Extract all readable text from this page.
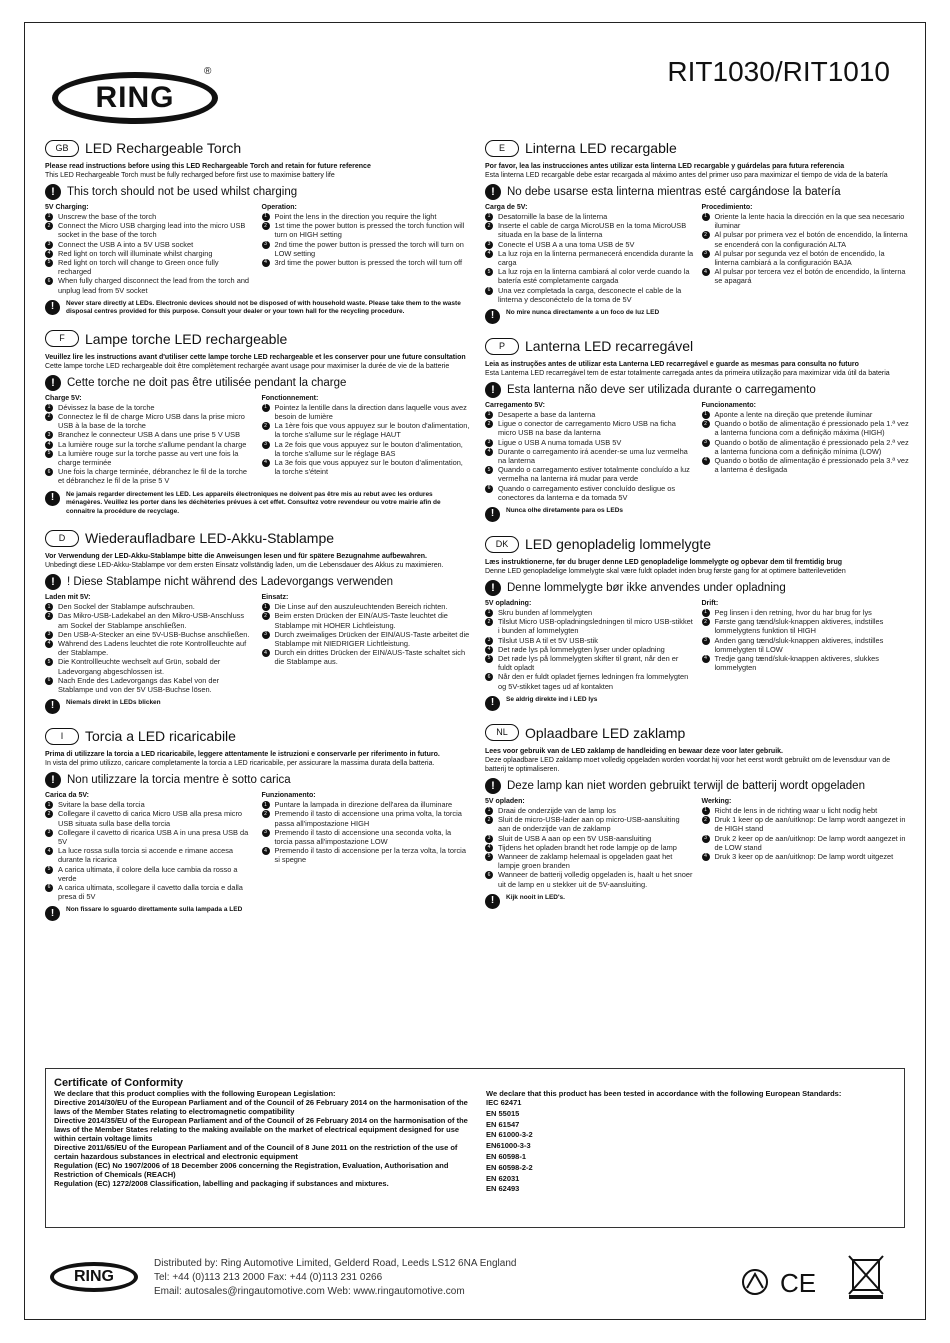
RING
®	RIT1030/RIT1010
GB	LED Rechargeable Torch
Please read instructions before using this LED Rechargeable Torch and retain for future reference
This LED Rechargeable Torch must be fully recharged before first use to maximise battery life
!	This torch should not be used whilst charging
5V Charging:
1	Unscrew the base of the torch
2	Connect the Micro USB charging lead into the micro USB socket in the base of the torch
3	Connect the USB A into a 5V USB socket
4	Red light on torch will illuminate whilst charging
5	Red light on torch will change to Green once fully recharged
6	When fully charged disconnect the lead from the torch and unplug lead from 5V socket
Operation:
1	Point the lens in the direction you require the light
2	1st time the power button is pressed the torch function will turn on HIGH setting
3	2nd time the power button is pressed the torch will turn on LOW setting
4	3rd time the power button is pressed the torch will turn off
!	Never stare directly at LEDs. Electronic devices should not be disposed of with household waste. Please take them to the waste disposal centres provided for this purpose. Consult your dealer or your town hall for the recycling procedure.
F	Lampe torche LED rechargeable
Veuillez lire les instructions avant d'utiliser cette lampe torche LED rechargeable et les conserver pour une future consultation
Cette lampe torche LED rechargeable doit être complètement rechargée avant usage pour maximiser la durée de vie de la batterie
!	Cette torche ne doit pas être utilisée pendant la charge
Charge 5V:
1	Dévissez la base de la torche
2	Connectez le fil de charge Micro USB dans la prise micro USB à la base de la torche
3	Branchez le connecteur USB A dans une prise 5 V USB
4	La lumière rouge sur la torche s'allume pendant la charge
5	La lumière rouge sur la torche passe au vert une fois la charge terminée
6	Une fois la charge terminée, débranchez le fil de la torche et débranchez le fil de la prise 5 V
Fonctionnement:
1	Pointez la lentille dans la direction dans laquelle vous avez besoin de lumière
2	La 1ère fois que vous appuyez sur le bouton d'alimentation, la torche s'allume sur le réglage HAUT
3	La 2e fois que vous appuyez sur le bouton d'alimentation, la torche s'allume sur le réglage BAS
4	La 3e fois que vous appuyez sur le bouton d'alimentation, la torche s'éteint
!	Ne jamais regarder directement les LED. Les appareils électroniques ne doivent pas être mis au rebut avec les ordures ménagères. Veuillez les porter dans les déchèteries prévues à cet effet. Consultez votre revendeur ou votre mairie afin de connaitre la procédure de recyclage.
D	Wiederaufladbare LED-Akku-Stablampe
Vor Verwendung der LED-Akku-Stablampe bitte die Anweisungen lesen und für spätere Bezugnahme aufbewahren.
Unbedingt diese LED-Akku-Stablampe vor dem ersten Einsatz vollständig laden, um die Lebensdauer des Akkus zu maximieren.
!	! Diese Stablampe nicht während des Ladevorgangs verwenden
Laden mit 5V:
1	Den Sockel der Stablampe aufschrauben.
2	Das Mikro-USB-Ladekabel an den Mikro-USB-Anschluss am Sockel der Stablampe anschließen.
3	Den USB-A-Stecker an eine 5V-USB-Buchse anschließen.
4	Während des Ladens leuchtet die rote Kontrollleuchte auf der Stablampe.
5	Die Kontrollleuchte wechselt auf Grün, sobald der Ladevorgang abgeschlossen ist.
6	Nach Ende des Ladevorgangs das Kabel von der Stablampe und von der 5V USB-Buchse lösen.
Einsatz:
1	Die Linse auf den auszuleuchtenden Bereich richten.
2	Beim ersten Drücken der EIN/AUS-Taste leuchtet die Stablampe mit HOHER Lichtleistung.
3	Durch zweimaliges Drücken der EIN/AUS-Taste arbeitet die Stablampe mit NIEDRIGER Lichtleistung.
4	Durch ein drittes Drücken der EIN/AUS-Taste schaltet sich die Stablampe aus.
!	Niemals direkt in LEDs blicken
I	Torcia a LED ricaricabile
Prima di utilizzare la torcia a LED ricaricabile, leggere attentamente le istruzioni e conservarle per riferimento in futuro.
In vista del primo utilizzo, caricare completamente la torcia a LED ricaricabile, per assicurare la massima durata della batteria.
!	Non utilizzare la torcia mentre è sotto carica
Carica da 5V:
1	Svitare la base della torcia
2	Collegare il cavetto di carica Micro USB alla presa micro USB situata sulla base della torcia
3	Collegare il cavetto di ricarica USB A in una presa USB da 5V
4	La luce rossa sulla torcia si accende e rimane accesa durante la ricarica
5	A carica ultimata, il colore della luce cambia da rosso a verde
6	A carica ultimata, scollegare il cavetto dalla torcia e dalla presa di 5V
Funzionamento:
1	Puntare la lampada in direzione dell'area da illuminare
2	Premendo il tasto di accensione una prima volta, la torcia passa all'impostazione HIGH
3	Premendo il tasto di accensione una seconda volta, la torcia passa all'impostazione LOW
4	Premendo il tasto di accensione per la terza volta, la torcia si spegne
!	Non fissare lo sguardo direttamente sulla lampada a LED
E	Linterna LED recargable
Por favor, lea las instrucciones antes utilizar esta linterna LED recargable y guárdelas para futura referencia
Esta linterna LED recargable debe estar recargada al máximo antes del primer uso para maximizar el tiempo de vida de la batería
!	No debe usarse esta linterna mientras esté cargándose la batería
Carga de 5V:
1	Desatornille la base de la linterna
2	Inserte el cable de carga MicroUSB en la toma MicroUSB situada en la base de la linterna
3	Conecte el USB A a una toma USB de 5V
4	La luz roja en la linterna permanecerá encendida durante la carga
5	La luz roja en la linterna cambiará al color verde cuando la batería esté completamente cargada
6	Una vez completada la carga, desconecte el cable de la linterna y desconéctelo de la toma de 5V
Procedimiento:
1	Oriente la lente hacia la dirección en la que sea necesario iluminar
2	Al pulsar por primera vez el botón de encendido, la linterna se encenderá con la configuración ALTA
3	Al pulsar por segunda vez el botón de encendido, la linterna cambiará a la configuración BAJA
4	Al pulsar por tercera vez el botón de encendido, la linterna se apagará
!	No mire nunca directamente a un foco de luz LED
P	Lanterna LED recarregável
Leia as instruções antes de utilizar esta Lanterna LED recarregável e guarde as mesmas para consulta no futuro
Esta Lanterna LED recarregável tem de estar totalmente carregada antes da primeira utilização para maximizar vida útil da bateria
!	Esta lanterna não deve ser utilizada durante o carregamento
Carregamento 5V:
1	Desaperte a base da lanterna
2	Ligue o conector de carregamento Micro USB na ficha micro USB na base da lanterna
3	Ligue o USB A numa tomada USB 5V
4	Durante o carregamento irá acender-se uma luz vermelha na lanterna
5	Quando o carregamento estiver totalmente concluído a luz vermelha na lanterna irá mudar para verde
6	Quando o carregamento estiver concluído desligue os conectores da lanterna e da tomada 5V
Funcionamento:
1	Aponte a lente na direção que pretende iluminar
2	Quando o botão de alimentação é pressionado pela 1.ª vez a lanterna funciona com a definição máxima (HIGH)
3	Quando o botão de alimentação é pressionado pela 2.ª vez a lanterna funciona com a definição mínima (LOW)
4	Quando o botão de alimentação é pressionado pela 3.ª vez a lanterna é desligada
!	Nunca olhe diretamente para os LEDs
DK	LED genopladelig lommelygte
Læs instruktionerne, før du bruger denne LED genopladelige lommelygte og opbevar dem til fremtidig brug
Denne LED genopladelige lommelygte skal være fuldt opladet inden brug første gang for at optimere batterilevetiden
!	Denne lommelygte bør ikke anvendes under opladning
5V opladning:
1	Skru bunden af lommelygten
2	Tilslut Micro USB-opladningsledningen til micro USB-stikket i bunden af lommelygten
3	Tilslut USB A til et 5V USB-stik
4	Det røde lys på lommelygten lyser under opladning
5	Det røde lys på lommelygten skifter til grønt, når den er fuldt opladt
6	Når den er fuldt opladet fjernes ledningen fra lommelygten og 5V-stikket tages ud af kontakten
Drift:
1	Peg linsen i den retning, hvor du har brug for lys
2	Første gang tænd/sluk-knappen aktiveres, indstilles lommelygtens funktion til HIGH
3	Anden gang tænd/sluk-knappen aktiveres, indstilles lommelygten til LOW
4	Tredje gang tænd/sluk-knappen aktiveres, slukkes lommelygten
!	Se aldrig direkte ind i LED lys
NL	Oplaadbare LED zaklamp
Lees voor gebruik van de LED zaklamp de handleiding en bewaar deze voor later gebruik.
Deze oplaadbare LED zaklamp moet volledig opgeladen worden voordat hij voor het eerst wordt gebruikt om de levensduur van de batterij te optimaliseren.
!	Deze lamp kan niet worden gebruikt terwijl de batterij wordt opgeladen
5V opladen:
1	Draai de onderzijde van de lamp los
2	Sluit de micro-USB-lader aan op micro-USB-aansluiting aan de onderzijde van de zaklamp
3	Sluit de USB A aan op een 5V USB-aansluiting
4	Tijdens het opladen brandt het rode lampje op de lamp
5	Wanneer de zaklamp helemaal is opgeladen gaat het lampje groen branden
6	Wanneer de batterij volledig opgeladen is, haalt u het snoer uit de lamp en u stekker uit de 5V-aansluiting.
Werking:
1	Richt de lens in de richting waar u licht nodig hebt
2	Druk 1 keer op de aan/uitknop: De lamp wordt aangezet in de HIGH stand
3	Druk 2 keer op de aan/uitknop: De lamp wordt aangezet in de LOW stand
4	Druk 3 keer op de aan/uitknop: De lamp wordt uitgezet
!	Kijk nooit in LED's.
Certificate of Conformity
We declare that this product complies with the following European Legislation:
Directive 2014/30/EU of the European Parliament and of the Council of 26 February 2014 on the harmonisation of the laws of the Member States relating to electromagnetic compatibility
Directive 2014/35/EU of the European Parliament and of the Council of 26 February 2014 on the harmonisation of the laws of the Member States relating to the making available on the market of electrical equipment designed for use within certain voltage limits
Directive 2011/65/EU of the European Parliament and of the Council of 8 June 2011 on the restriction of the use of certain hazardous substances in electrical and electronic equipment
Regulation (EC) No 1907/2006 of 18 December 2006 concerning the Registration, Evaluation, Authorisation and Restriction of Chemicals (REACH)
Regulation (EC) 1272/2008 Classification, labelling and packaging if substances and mixtures.
We declare that this product has been tested in accordance with the following European Standards:
IEC 62471
EN 55015
EN 61547
EN 61000-3-2
EN61000-3-3
EN 60598-1
EN 60598-2-2
EN 62031
EN 62493
RING
Distributed by: Ring Automotive Limited, Gelderd Road, Leeds LS12 6NA England
Tel: +44 (0)113 213 2000 Fax: +44 (0)113 231 0266
Email: autosales@ringautomotive.com Web: www.ringautomotive.com	CE
